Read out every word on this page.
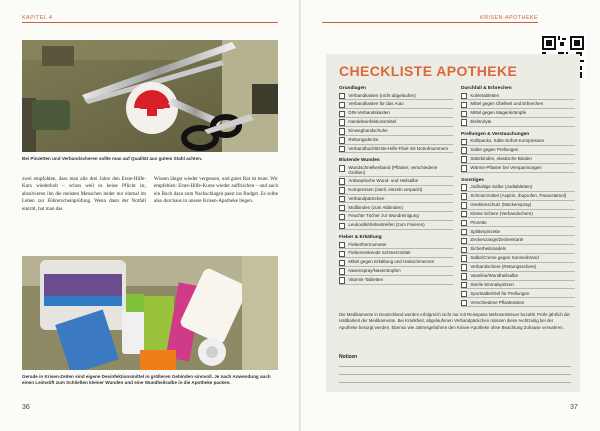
KAPITEL 4
Bei Pinzetten und Verbandscheren sollte man auf Qualität aus gutem Stahl achten.
zwei empfohlen, dass man alle drei Jahre den Erste-Hilfe-Kurs wiederholt – schon weil es keine Pflicht ist, absolvieren ihn die meisten Menschen leider nur einmal im Leben zur Führerscheinprüfung. Wenn dann der Notfall eintritt, hat man das
Wissen längst wieder vergessen, und guter Rat ist teuer. Wir empfehlen: Erste-Hilfe-Kurse wieder auffrischen – und auch ein Buch dazu zum Nachschlagen passt ins Budget. Es sollte also durchaus in unsere Krisen-Apotheke liegen.
Gerade in Krisen-Zeiten sind eigene Desinfektionsmittel in größeren Gebinden sinnvoll. Je nach Anwendung auch einen Leimstift zum Schließen kleiner Wunden und eine Wundheilsalbe in die Apotheke packen.
36
KRISEN-APOTHEKE
CHECKLISTE APOTHEKE
Grundlagen
Verbandkasten (nicht abgelaufen)
Verbandkasten für das Auto
DIN-Verbandskasten
Handdesinfektionsmittel
Einweghandschuhe
Rettungsdecke
Verbandbuch/Erste-Hilfe-Fibel mit Notrufnummern
Blutende Wunden
Wundschnellverband (Pflaster, verschiedene Größen)
Antiseptische Wund- und Heilsalbe
Kompressen (steril, einzeln verpackt)
Verbandpäckchen
Mullbinden (zum Abbinden)
Feuchte Tücher zur Wundreinigung
Leukosilk/Klebestreifen (zum Fixieren)
Fieber & Erkältung
Fieberthermometer
Fiebersenkende Schmerzmittel
Mittel gegen Erkältung und Halsschmerzen
Nasenspray/Nasentropfen
Vitamin-Tabletten
Durchfall & Erbrechen
Kohletabletten
Mittel gegen Übelkeit und Erbrechen
Mittel gegen Magenkrämpfe
Elektrolyte
Prellungen & Verstauchungen
Kühlpacks, Kälte-Sofort-Kompressen
Salbe gegen Prellungen
Stützbinden, elastische Binden
Wärme-Pflaster bei Verspannungen
Sonstiges
Jodhaltige Salbe (Jodtabletten)
Schmerzmittel (Aspirin, Ibuprofen, Paracetamol)
Insektenschutz (Mückenspray)
Kleine Schere (Verbandschere)
Pinzette
Splitterpinzette
Zeckenzange/Zeckenkarte
Sicherheitsnadeln
Salbe/Creme gegen Sonnenbrand
Verbandschere (Rettungsschere)
Vaseline/Wundheilsalbe
Sterile Einmalspritzen
Sportsalbe/Gel für Prellungen
Verschiedene Pflasterarten
Die Medikamente in Deutschland werden erfolgreich nicht nur mit Reisepass Mehrwertsteuer bezahlt. Prüfe jährlich die Haltbarkeit der Medikamente. Bei Krankheit, abgelaufenen Verbandpäckchen müssen diese rechtzeitig bei der Apotheke besorgt werden. Ebenso wie Jahresgebühren den Krisen-Apotheke ohne Beachtung Zuhause verwahren.
Notizen
37
